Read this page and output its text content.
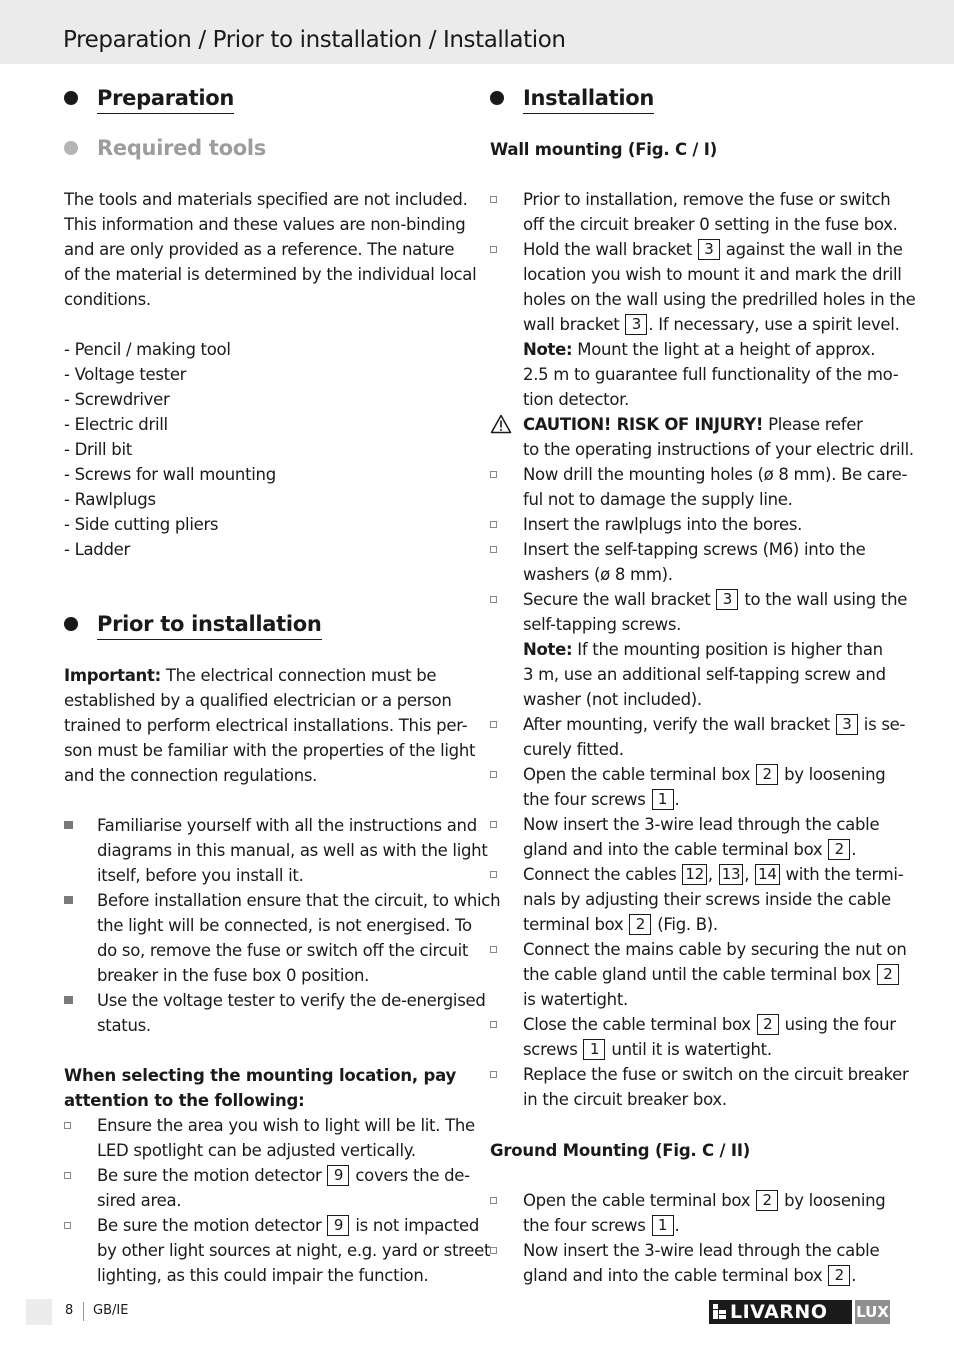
Preparation / Prior to installation / Installation
Preparation
Required tools
The tools and materials specified are not included.
This information and these values are non-binding
and are only provided as a reference. The nature
of the material is determined by the individual local
conditions.
- Pencil / making tool
- Voltage tester
- Screwdriver
- Electric drill
- Drill bit
- Screws for wall mounting
- Rawlplugs
- Side cutting pliers
- Ladder
Prior to installation
Important: The electrical connection must be
established by a qualified electrician or a person
trained to perform electrical installations. This per-
son must be familiar with the properties of the light
and the connection regulations.
Familiarise yourself with all the instructions and
diagrams in this manual, as well as with the light
itself, before you install it.
Before installation ensure that the circuit, to which
the light will be connected, is not energised. To
do so, remove the fuse or switch off the circuit
breaker in the fuse box 0 position.
Use the voltage tester to verify the de-energised
status.
When selecting the mounting location, pay
attention to the following:
Ensure the area you wish to light will be lit. The
LED spotlight can be adjusted vertically.
Be sure the motion detector 9 covers the de-
sired area.
Be sure the motion detector 9 is not impacted
by other light sources at night, e.g. yard or street
lighting, as this could impair the function.
Installation
Wall mounting (Fig. C / I)
Prior to installation, remove the fuse or switch
off the circuit breaker 0 setting in the fuse box.
Hold the wall bracket 3 against the wall in the
location you wish to mount it and mark the drill
holes on the wall using the predrilled holes in the
wall bracket 3 . If necessary, use a spirit level.
Note: Mount the light at a height of approx.
2.5 m to guarantee full functionality of the mo-
tion detector.
CAUTION! RISK OF INJURY! Please refer
to the operating instructions of your electric drill.
Now drill the mounting holes (ø 8 mm). Be care-
ful not to damage the supply line.
Insert the rawlplugs into the bores.
Insert the self-tapping screws (M6) into the
washers (ø 8 mm).
Secure the wall bracket 3 to the wall using the
self-tapping screws.
Note: If the mounting position is higher than
3 m, use an additional self-tapping screw and
washer (not included).
After mounting, verify the wall bracket 3 is se-
curely fitted.
Open the cable terminal box 2 by loosening
the four screws 1 .
Now insert the 3-wire lead through the cable
gland and into the cable terminal box 2 .
Connect the cables 12 , 13 , 14 with the termi-
nals by adjusting their screws inside the cable
terminal box 2 (Fig. B).
Connect the mains cable by securing the nut on
the cable gland until the cable terminal box 2
is watertight.
Close the cable terminal box 2 using the four
screws 1 until it is watertight.
Replace the fuse or switch on the circuit breaker
in the circuit breaker box.
Ground Mounting (Fig. C / II)
Open the cable terminal box 2 by loosening
the four screws 1 .
Now insert the 3-wire lead through the cable
gland and into the cable terminal box 2 .
8 GB/IE	LIVARNO LUX
